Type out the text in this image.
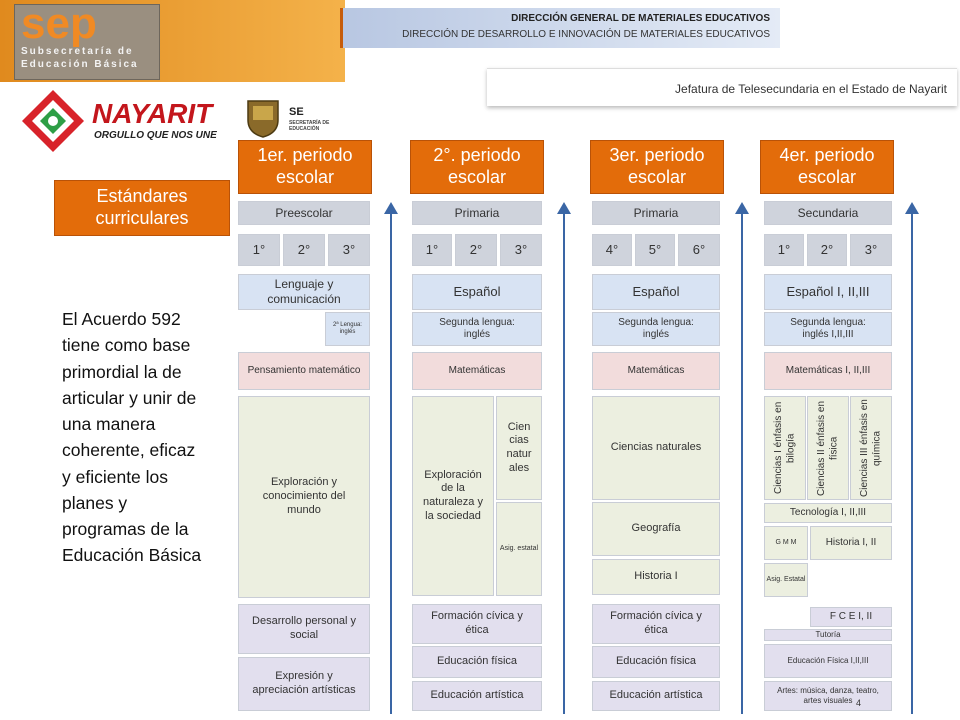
sep
Subsecretaría de Educación Básica
DIRECCIÓN GENERAL DE MATERIALES EDUCATIVOS
DIRECCIÓN DE DESARROLLO E INNOVACIÓN DE MATERIALES EDUCATIVOS
Jefatura de Telesecundaria en el Estado de Nayarit
NAYARIT
ORGULLO QUE NOS UNE
SE
SECRETARÍA DE EDUCACIÓN
Estándares curriculares
El Acuerdo 592 tiene como base primordial la de articular y unir de una manera coherente, eficaz y eficiente los planes y programas de la Educación Básica
1er. periodo escolar
2°. periodo escolar
3er. periodo escolar
4er. periodo escolar
Preescolar
1°	2°	3°
Lenguaje y comunicación
2ª Lengua: inglés
Pensamiento matemático
Exploración y conocimiento del mundo
Desarrollo personal y social
Expresión y apreciación artísticas
Primaria
1°	2°	3°
Español
Segunda lengua: inglés
Matemáticas
Exploración de la naturaleza y la sociedad
Cien cias natur ales
Asig. estatal
Formación cívica y ética
Educación física
Educación artística
Primaria
4°	5°	6°
Español
Segunda lengua: inglés
Matemáticas
Ciencias naturales
Geografía
Historia I
Formación cívica y ética
Educación física
Educación artística
Secundaria
1°	2°	3°
Español I, II,III
Segunda lengua: inglés I,II,III
Matemáticas I, II,III
Ciencias I énfasis en bilogía Ciencias II énfasis en física Ciencias III énfasis en química
Tecnología I, II,III
G M M	Historia I, II
Asig. Estatal
F C E I, II
Tutoría
Educación Física I,II,III
Artes: música, danza, teatro, artes visuales 4
